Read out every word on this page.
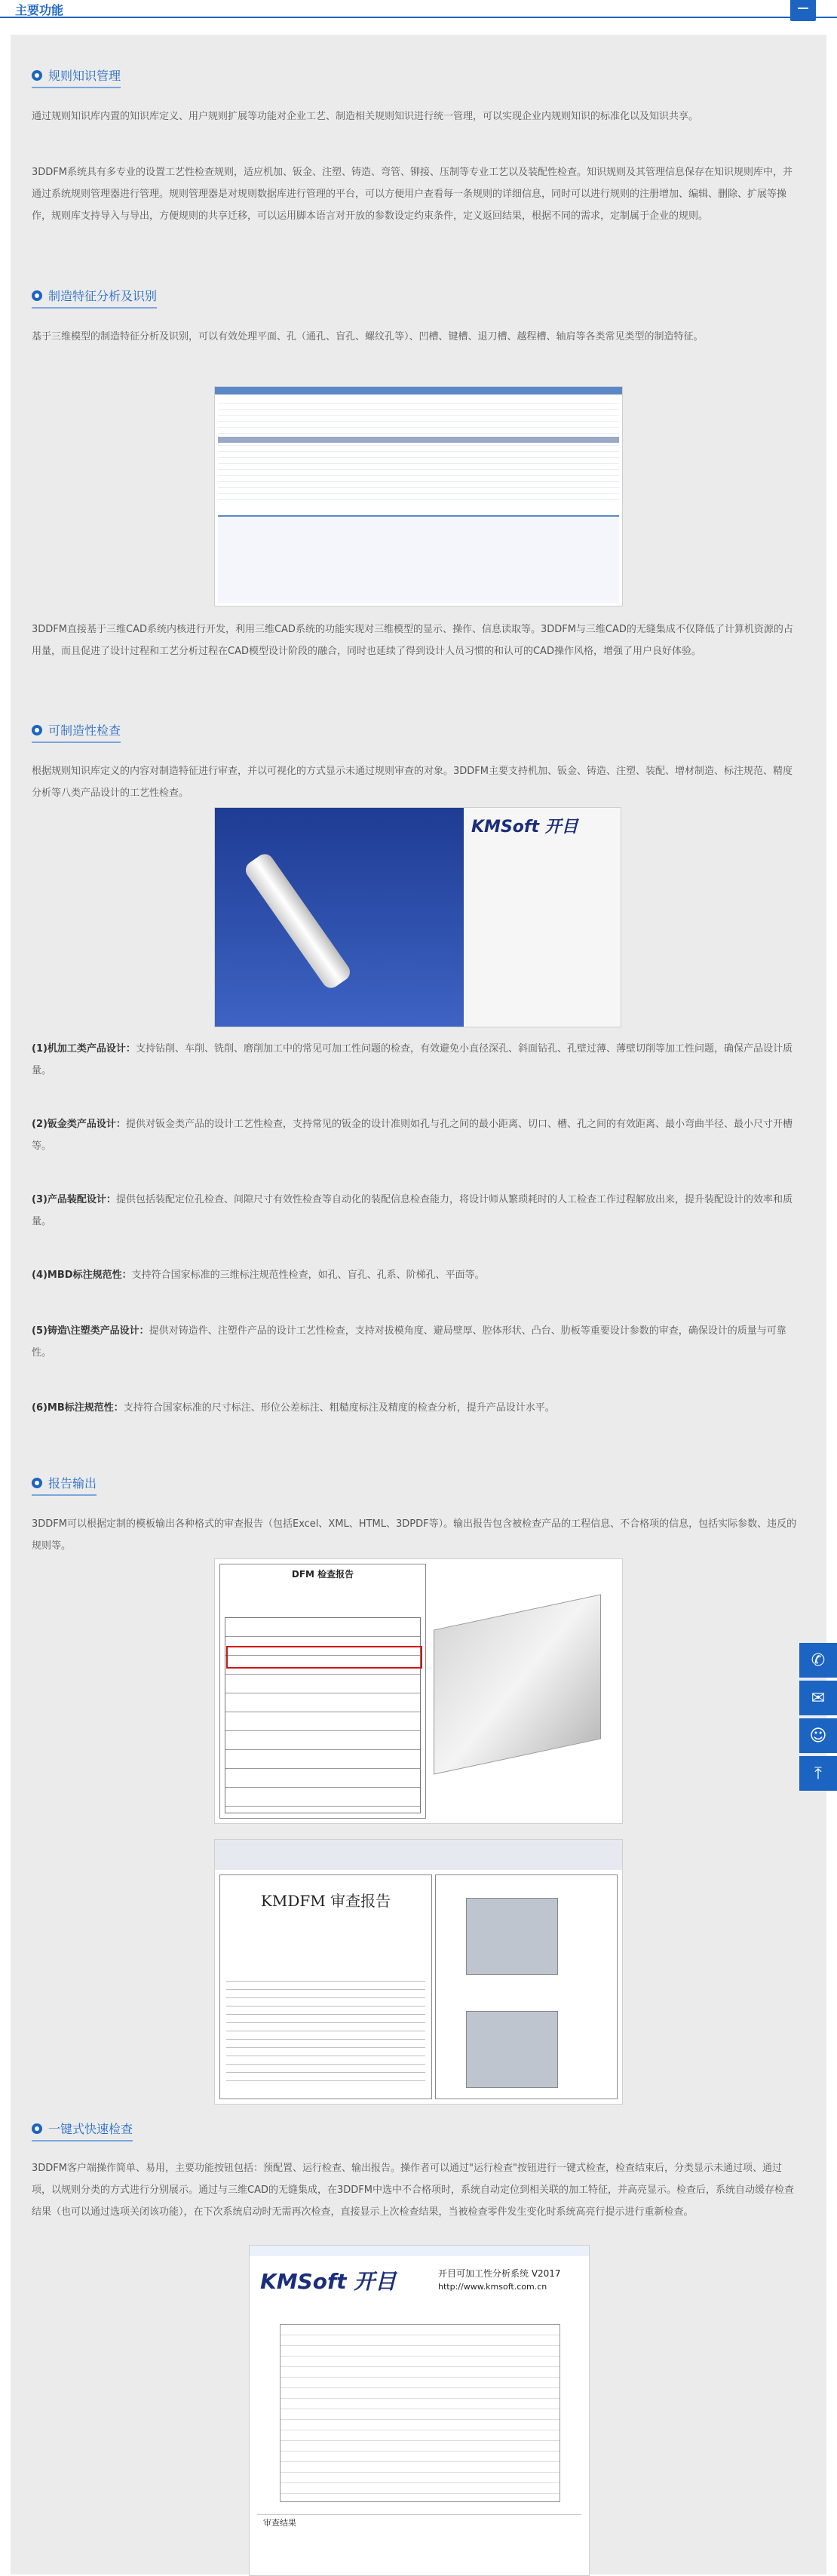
主要功能
规则知识管理

通过规则知识库内置的知识库定义、用户规则扩展等功能对企业工艺、制造相关规则知识进行统一管理，可以实现企业内规则知识的标准化以及知识共享。

3DDFM系统具有多专业的设置工艺性检查规则，适应机加、钣金、注塑、铸造、弯管、铆接、压制等专业工艺以及装配性检查。知识规则及其管理信息保存在知识规则库中，并通过系统规则管理器进行管理。规则管理器是对规则数据库进行管理的平台，可以方便用户查看每一条规则的详细信息，同时可以进行规则的注册增加、编辑、删除、扩展等操作，规则库支持导入与导出，方便规则的共享迁移，可以运用脚本语言对开放的参数设定约束条件，定义返回结果，根据不同的需求，定制属于企业的规则。

制造特征分析及识别

基于三维模型的制造特征分析及识别，可以有效处理平面、孔（通孔、盲孔、螺纹孔等）、凹槽、键槽、退刀槽、越程槽、轴肩等各类常见类型的制造特征。

3DDFM直接基于三维CAD系统内核进行开发，利用三维CAD系统的功能实现对三维模型的显示、操作、信息读取等。3DDFM与三维CAD的无缝集成不仅降低了计算机资源的占用量，而且促进了设计过程和工艺分析过程在CAD模型设计阶段的融合，同时也延续了得到设计人员习惯的和认可的CAD操作风格，增强了用户良好体验。

可制造性检查

根据规则知识库定义的内容对制造特征进行审查，并以可视化的方式显示未通过规则审查的对象。3DDFM主要支持机加、钣金、铸造、注塑、装配、增材制造、标注规范、精度分析等八类产品设计的工艺性检查。

KMSoft 开目

(1)机加工类产品设计：支持钻削、车削、铣削、磨削加工中的常见可加工性问题的检查，有效避免小直径深孔、斜面钻孔、孔壁过薄、薄壁切削等加工性问题，确保产品设计质量。

(2)钣金类产品设计：提供对钣金类产品的设计工艺性检查，支持常见的钣金的设计准则如孔与孔之间的最小距离、切口、槽、孔之间的有效距离、最小弯曲半径、最小尺寸开槽等。

(3)产品装配设计：提供包括装配定位孔检查、间隙尺寸有效性检查等自动化的装配信息检查能力，将设计师从繁琐耗时的人工检查工作过程解放出来，提升装配设计的效率和质量。

(4)MBD标注规范性：支持符合国家标准的三维标注规范性检查，如孔、盲孔、孔系、阶梯孔、平面等。

(5)铸造\注塑类产品设计：提供对铸造件、注塑件产品的设计工艺性检查，支持对拔模角度、避局壁厚、腔体形状、凸台、肋板等重要设计参数的审查，确保设计的质量与可靠性。

(6)MB标注规范性：支持符合国家标准的尺寸标注、形位公差标注、粗糙度标注及精度的检查分析，提升产品设计水平。

报告输出

3DDFM可以根据定制的模板输出各种格式的审查报告（包括Excel、XML、HTML、3DPDF等）。输出报告包含被检查产品的工程信息、不合格项的信息，包括实际参数、违反的规则等。

DFM 检查报告
KMDFM 审查报告
一键式快速检查

3DDFM客户端操作简单、易用，主要功能按钮包括：预配置、运行检查、输出报告。操作者可以通过"运行检查"按钮进行一键式检查，检查结束后，分类显示未通过项、通过项，以规则分类的方式进行分别展示。通过与三维CAD的无缝集成，在3DDFM中选中不合格项时，系统自动定位到相关联的加工特征，并高亮显示。检查后，系统自动缓存检查结果（也可以通过选项关闭该功能），在下次系统启动时无需再次检查，直接显示上次检查结果，当被检查零件发生变化时系统高亮行提示进行重新检查。

KMSoft 开目	开目可加工性分析系统 V2017
http://www.kmsoft.com.cn
审查结果
✆
✉
☺
⤒
